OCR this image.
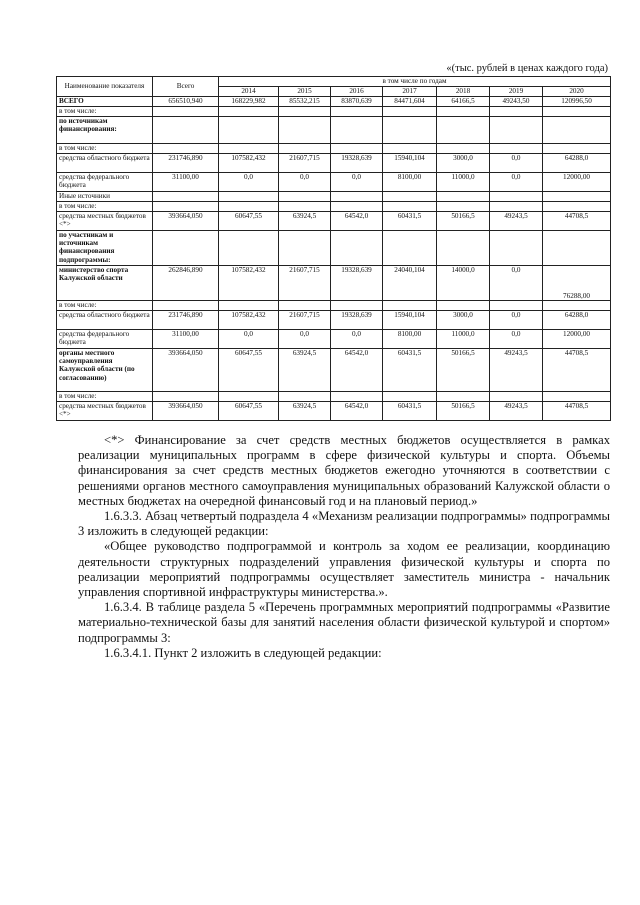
«(тыс. рублей в ценах каждого года)
Наименование показателя	Всего	в том числе по годам						
		2014	2015	2016	2017	2018	2019	2020
ВСЕГО	656510,940	168229,982	85532,215	83870,639	84471,604	64166,5	49243,50	120996,50
в том числе:								
по источникам финансирования:								
в том числе:								
средства областного бюджета	231746,890	107582,432	21607,715	19328,639	15940,104	3000,0	0,0	64288,0
средства федерального бюджета	31100,00	0,0	0,0	0,0	8100,00	11000,0	0,0	12000,00
Иные источники								
в том числе:								
средства местных бюджетов <*>	393664,050	60647,55	63924,5	64542,0	60431,5	50166,5	49243,5	44708,5
по участникам и источникам финансирования подпрограммы:								
министерство спорта Калужской области	262846,890	107582,432	21607,715	19328,639	24040,104	14000,0	0,0	76288,00
в том числе:								
средства областного бюджета	231746,890	107582,432	21607,715	19328,639	15940,104	3000,0	0,0	64288,0
средства федерального бюджета	31100,00	0,0	0,0	0,0	8100,00	11000,0	0,0	12000,00
органы местного самоуправления Калужской области (по согласованию)	393664,050	60647,55	63924,5	64542,0	60431,5	50166,5	49243,5	44708,5
в том числе:								
средства местных бюджетов <*>	393664,050	60647,55	63924,5	64542,0	60431,5	50166,5	49243,5	44708,5

<*> Финансирование за счет средств местных бюджетов осуществляется в рамках реализации муниципальных программ в сфере физической культуры и спорта. Объемы финансирования за счет средств местных бюджетов ежегодно уточняются в соответствии с решениями органов местного самоуправления муниципальных образований Калужской области о местных бюджетах на очередной финансовый год и на плановый период.»

1.6.3.3. Абзац четвертый подраздела 4 «Механизм реализации подпрограммы» подпрограммы 3 изложить в следующей редакции:

«Общее руководство подпрограммой и контроль за ходом ее реализации, координацию деятельности структурных подразделений управления физической культуры и спорта по реализации мероприятий подпрограммы осуществляет заместитель министра - начальник управления спортивной инфраструктуры министерства.».

1.6.3.4. В таблице раздела 5 «Перечень программных мероприятий подпрограммы «Развитие материально-технической базы для занятий населения области физической культурой и спортом» подпрограммы 3:

1.6.3.4.1. Пункт 2 изложить в следующей редакции:
